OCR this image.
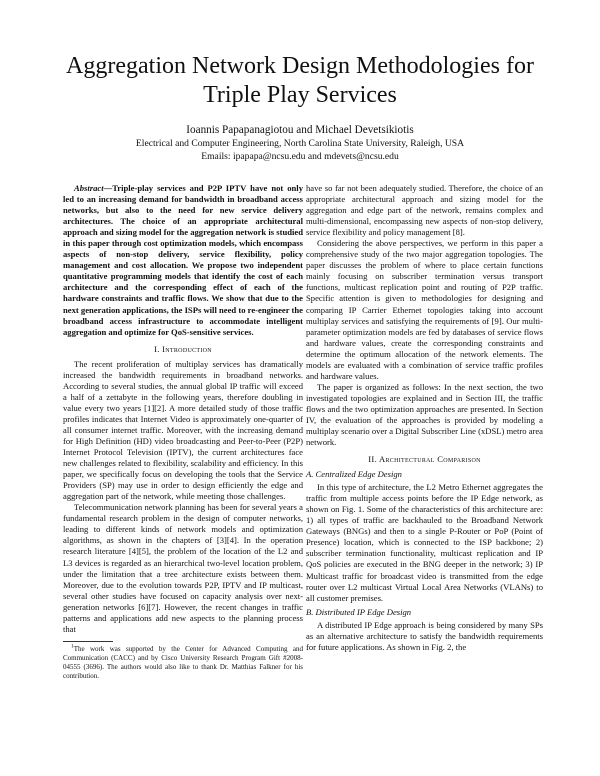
Aggregation Network Design Methodologies for Triple Play Services
Ioannis Papapanagiotou and Michael Devetsikiotis
Electrical and Computer Engineering, North Carolina State University, Raleigh, USA
Emails: ipapapa@ncsu.edu and mdevets@ncsu.edu

Abstract—Triple-play services and P2P IPTV have not only led to an increasing demand for bandwidth in broadband access networks, but also to the need for new service delivery architectures. The choice of an appropriate architectural approach and sizing model for the aggregation network is studied in this paper through cost optimization models, which encompass aspects of non-stop delivery, service flexibility, policy management and cost allocation. We propose two independent quantitative programming models that identify the cost of each architecture and the corresponding effect of each of the hardware constraints and traffic flows. We show that due to the next generation applications, the ISPs will need to re-engineer the broadband access infrastructure to accommodate intelligent aggregation and optimize for QoS-sensitive services.

I. Introduction

The recent proliferation of multiplay services has dramatically increased the bandwidth requirements in broadband networks. According to several studies, the annual global IP traffic will exceed a half of a zettabyte in the following years, therefore doubling in value every two years [1][2]. A more detailed study of those traffic profiles indicates that Internet Video is approximately one-quarter of all consumer internet traffic. Moreover, with the increasing demand for High Definition (HD) video broadcasting and Peer-to-Peer (P2P) Internet Protocol Television (IPTV), the current architectures face new challenges related to flexibility, scalability and efficiency. In this paper, we specifically focus on developing the tools that the Service Providers (SP) may use in order to design efficiently the edge and aggregation part of the network, while meeting those challenges.

Telecommunication network planning has been for several years a fundamental research problem in the design of computer networks, leading to different kinds of network models and optimization algorithms, as shown in the chapters of [3][4]. In the operation research literature [4][5], the problem of the location of the L2 and L3 devices is regarded as an hierarchical two-level location problem, under the limitation that a tree architecture exists between them. Moreover, due to the evolution towards P2P, IPTV and IP multicast, several other studies have focused on capacity analysis over next-generation networks [6][7]. However, the recent changes in traffic patterns and applications add new aspects to the planning process that

$^1$The work was supported by the Center for Advanced Computing and Communication (CACC) and by Cisco University Research Program Gift #2008-04555 (3696). The authors would also like to thank Dr. Matthias Falkner for his contribution.

have so far not been adequately studied. Therefore, the choice of an appropriate architectural approach and sizing model for the aggregation and edge part of the network, remains complex and multi-dimensional, encompassing new aspects of non-stop delivery, service flexibility and policy management [8].

Considering the above perspectives, we perform in this paper a comprehensive study of the two major aggregation topologies. The paper discusses the problem of where to place certain functions mainly focusing on subscriber termination versus transport functions, multicast replication point and routing of P2P traffic. Specific attention is given to methodologies for designing and comparing IP Carrier Ethernet topologies taking into account multiplay services and satisfying the requirements of [9]. Our multi-parameter optimization models are fed by databases of service flows and hardware values, create the corresponding constraints and determine the optimum allocation of the network elements. The models are evaluated with a combination of service traffic profiles and hardware values.

The paper is organized as follows: In the next section, the two investigated topologies are explained and in Section III, the traffic flows and the two optimization approaches are presented. In Section IV, the evaluation of the approaches is provided by modeling a multiplay scenario over a Digital Subscriber Line (xDSL) metro area network.

II. Architectural Comparison
A. Centralized Edge Design

In this type of architecture, the L2 Metro Ethernet aggregates the traffic from multiple access points before the IP Edge network, as shown on Fig. 1. Some of the characteristics of this architecture are: 1) all types of traffic are backhauled to the Broadband Network Gateways (BNGs) and then to a single P-Router or PoP (Point of Presence) location, which is connected to the ISP backbone; 2) subscriber termination functionality, multicast replication and IP QoS policies are executed in the BNG deeper in the network; 3) IP Multicast traffic for broadcast video is transmitted from the edge router over L2 multicast Virtual Local Area Networks (VLANs) to all customer premises.

B. Distributed IP Edge Design

A distributed IP Edge approach is being considered by many SPs as an alternative architecture to satisfy the bandwidth requirements for future applications. As shown in Fig. 2, the
